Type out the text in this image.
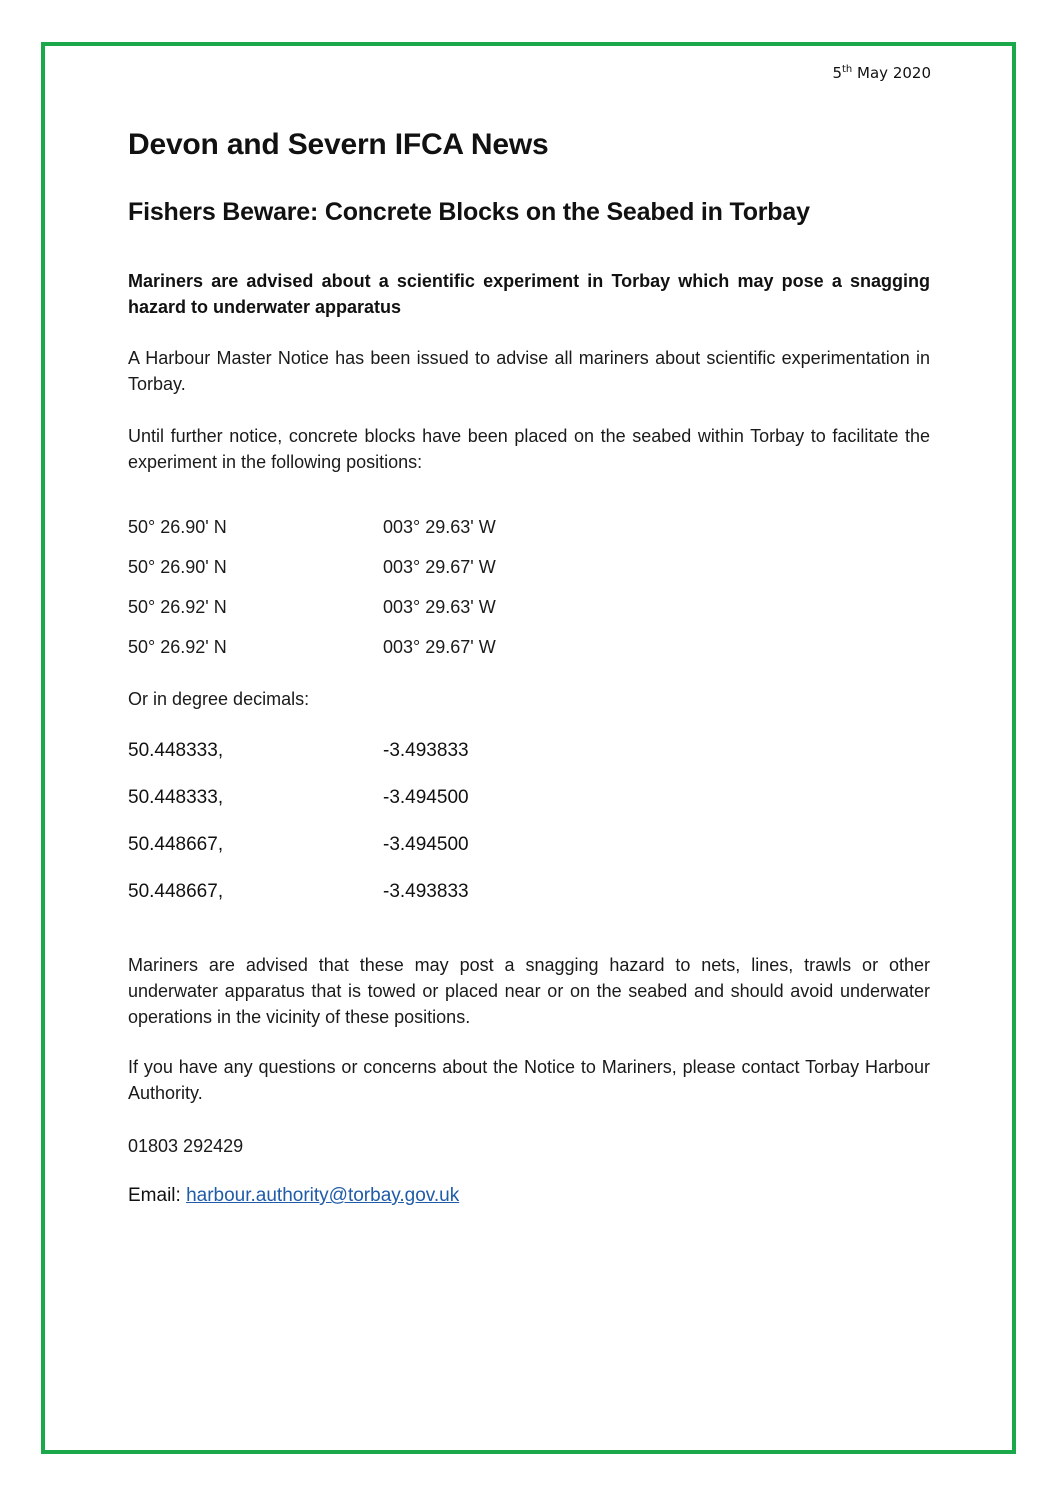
5th May 2020
Devon and Severn IFCA News
Fishers Beware: Concrete Blocks on the Seabed in Torbay

Mariners are advised about a scientific experiment in Torbay which may pose a snagging hazard to underwater apparatus

A Harbour Master Notice has been issued to advise all mariners about scientific experimentation in Torbay.

Until further notice, concrete blocks have been placed on the seabed within Torbay to facilitate the experiment in the following positions:

50° 26.90' N	003° 29.63' W
50° 26.90' N	003° 29.67' W
50° 26.92' N	003° 29.63' W
50° 26.92' N	003° 29.67' W

Or in degree decimals:

50.448333,	-3.493833
50.448333,	-3.494500
50.448667,	-3.494500
50.448667,	-3.493833

Mariners are advised that these may post a snagging hazard to nets, lines, trawls or other underwater apparatus that is towed or placed near or on the seabed and should avoid underwater operations in the vicinity of these positions.

If you have any questions or concerns about the Notice to Mariners, please contact Torbay Harbour Authority.

01803 292429

Email: harbour.authority@torbay.gov.uk
